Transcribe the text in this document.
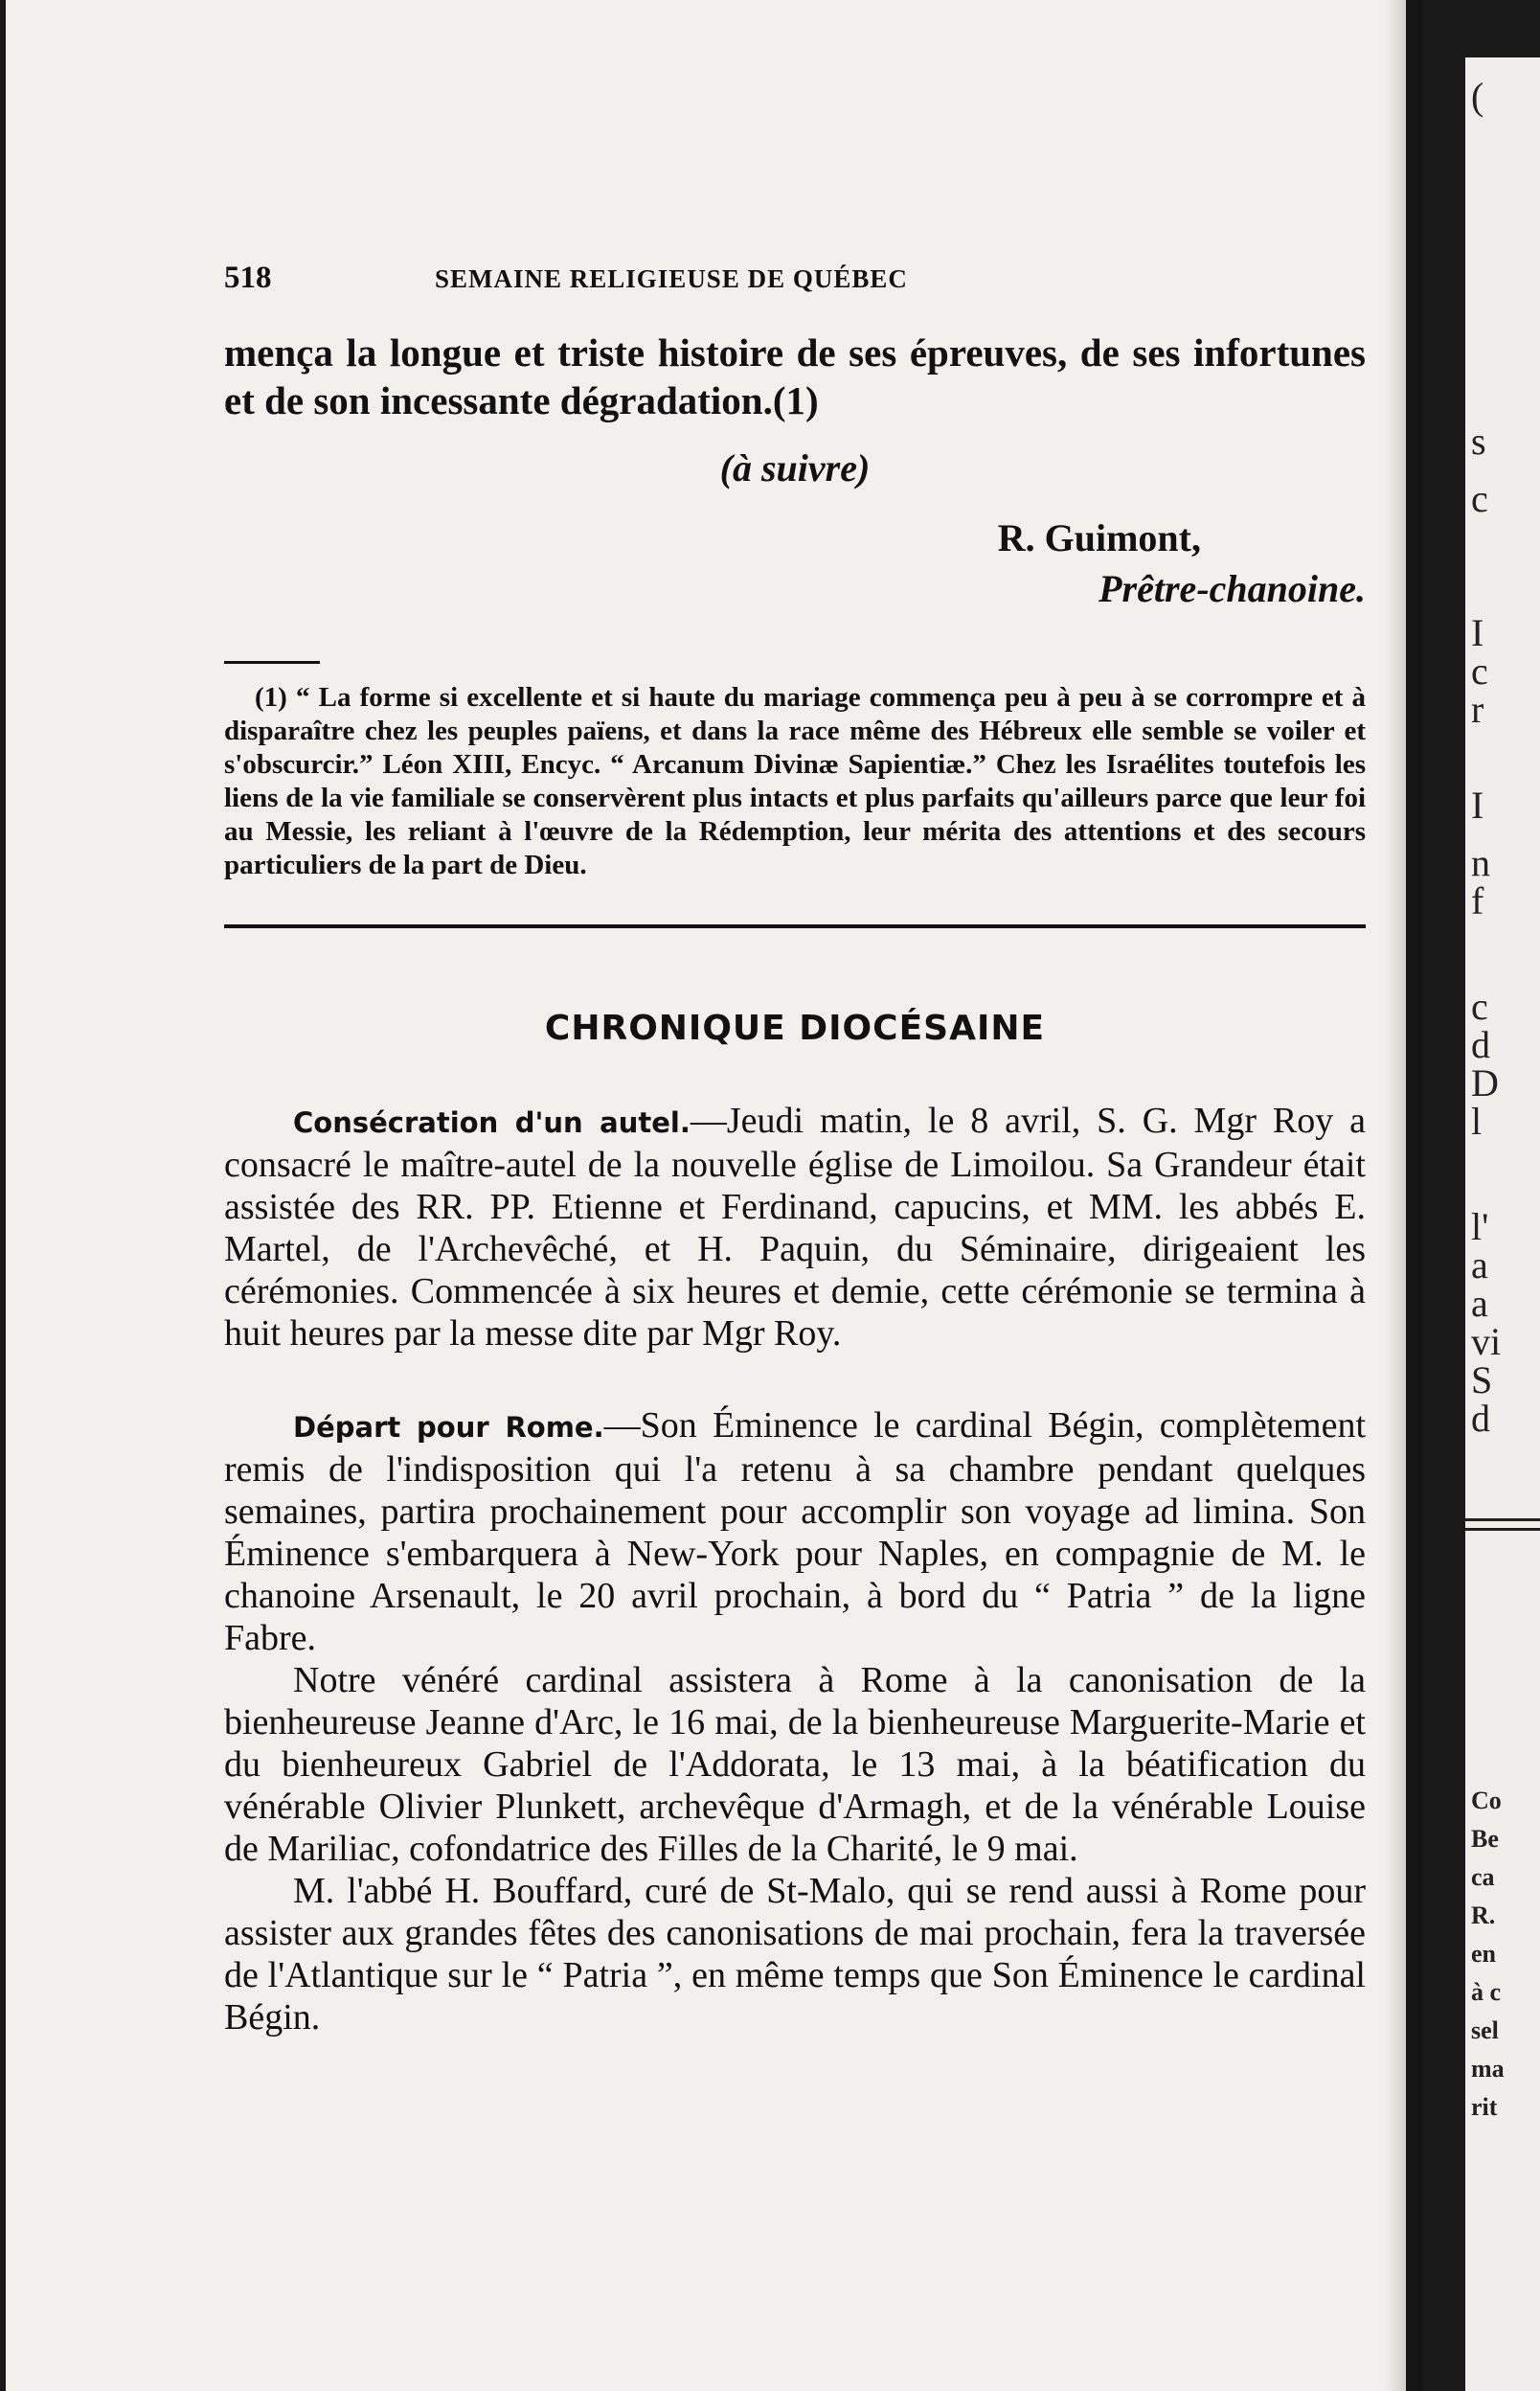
518	SEMAINE RELIGIEUSE DE QUÉBEC

mença la longue et triste histoire de ses épreuves, de ses infortunes et de son incessante dégradation.(1)

(à suivre)

R. Guimont,

Prêtre-chanoine.

(1) “ La forme si excellente et si haute du mariage commença peu à peu à se corrompre et à disparaître chez les peuples païens, et dans la race même des Hébreux elle semble se voiler et s'obscurcir.” Léon XIII, Encyc. “ Arcanum Divinæ Sapientiæ.” Chez les Israélites toutefois les liens de la vie familiale se conservèrent plus intacts et plus parfaits qu'ailleurs parce que leur foi au Messie, les reliant à l'œuvre de la Rédemption, leur mérita des attentions et des secours particuliers de la part de Dieu.

CHRONIQUE DIOCÉSAINE

Consécration d'un autel.—Jeudi matin, le 8 avril, S. G. Mgr Roy a consacré le maître-autel de la nouvelle église de Limoilou. Sa Grandeur était assistée des RR. PP. Etienne et Ferdinand, capucins, et MM. les abbés E. Martel, de l'Archevêché, et H. Paquin, du Séminaire, dirigeaient les cérémonies. Commencée à six heures et demie, cette cérémonie se termina à huit heures par la messe dite par Mgr Roy.

Départ pour Rome.—Son Éminence le cardinal Bégin, complètement remis de l'indisposition qui l'a retenu à sa chambre pendant quelques semaines, partira prochainement pour accomplir son voyage ad limina. Son Éminence s'embarquera à New-York pour Naples, en compagnie de M. le chanoine Arsenault, le 20 avril prochain, à bord du “ Patria ” de la ligne Fabre.

Notre vénéré cardinal assistera à Rome à la canonisation de la bienheureuse Jeanne d'Arc, le 16 mai, de la bienheureuse Marguerite-Marie et du bienheureux Gabriel de l'Addorata, le 13 mai, à la béatification du vénérable Olivier Plunkett, archevêque d'Armagh, et de la vénérable Louise de Mariliac, cofondatrice des Filles de la Charité, le 9 mai.

M. l'abbé H. Bouffard, curé de St-Malo, qui se rend aussi à Rome pour assister aux grandes fêtes des canonisations de mai prochain, fera la traversée de l'Atlantique sur le “ Patria ”, en même temps que Son Éminence le cardinal Bégin.

(
s
c
I
c
r
I
n
f
c
d
D
l
l'
a
a
vi
S
d
Co
Be
ca
R.
en
à c
sel
ma
rit
